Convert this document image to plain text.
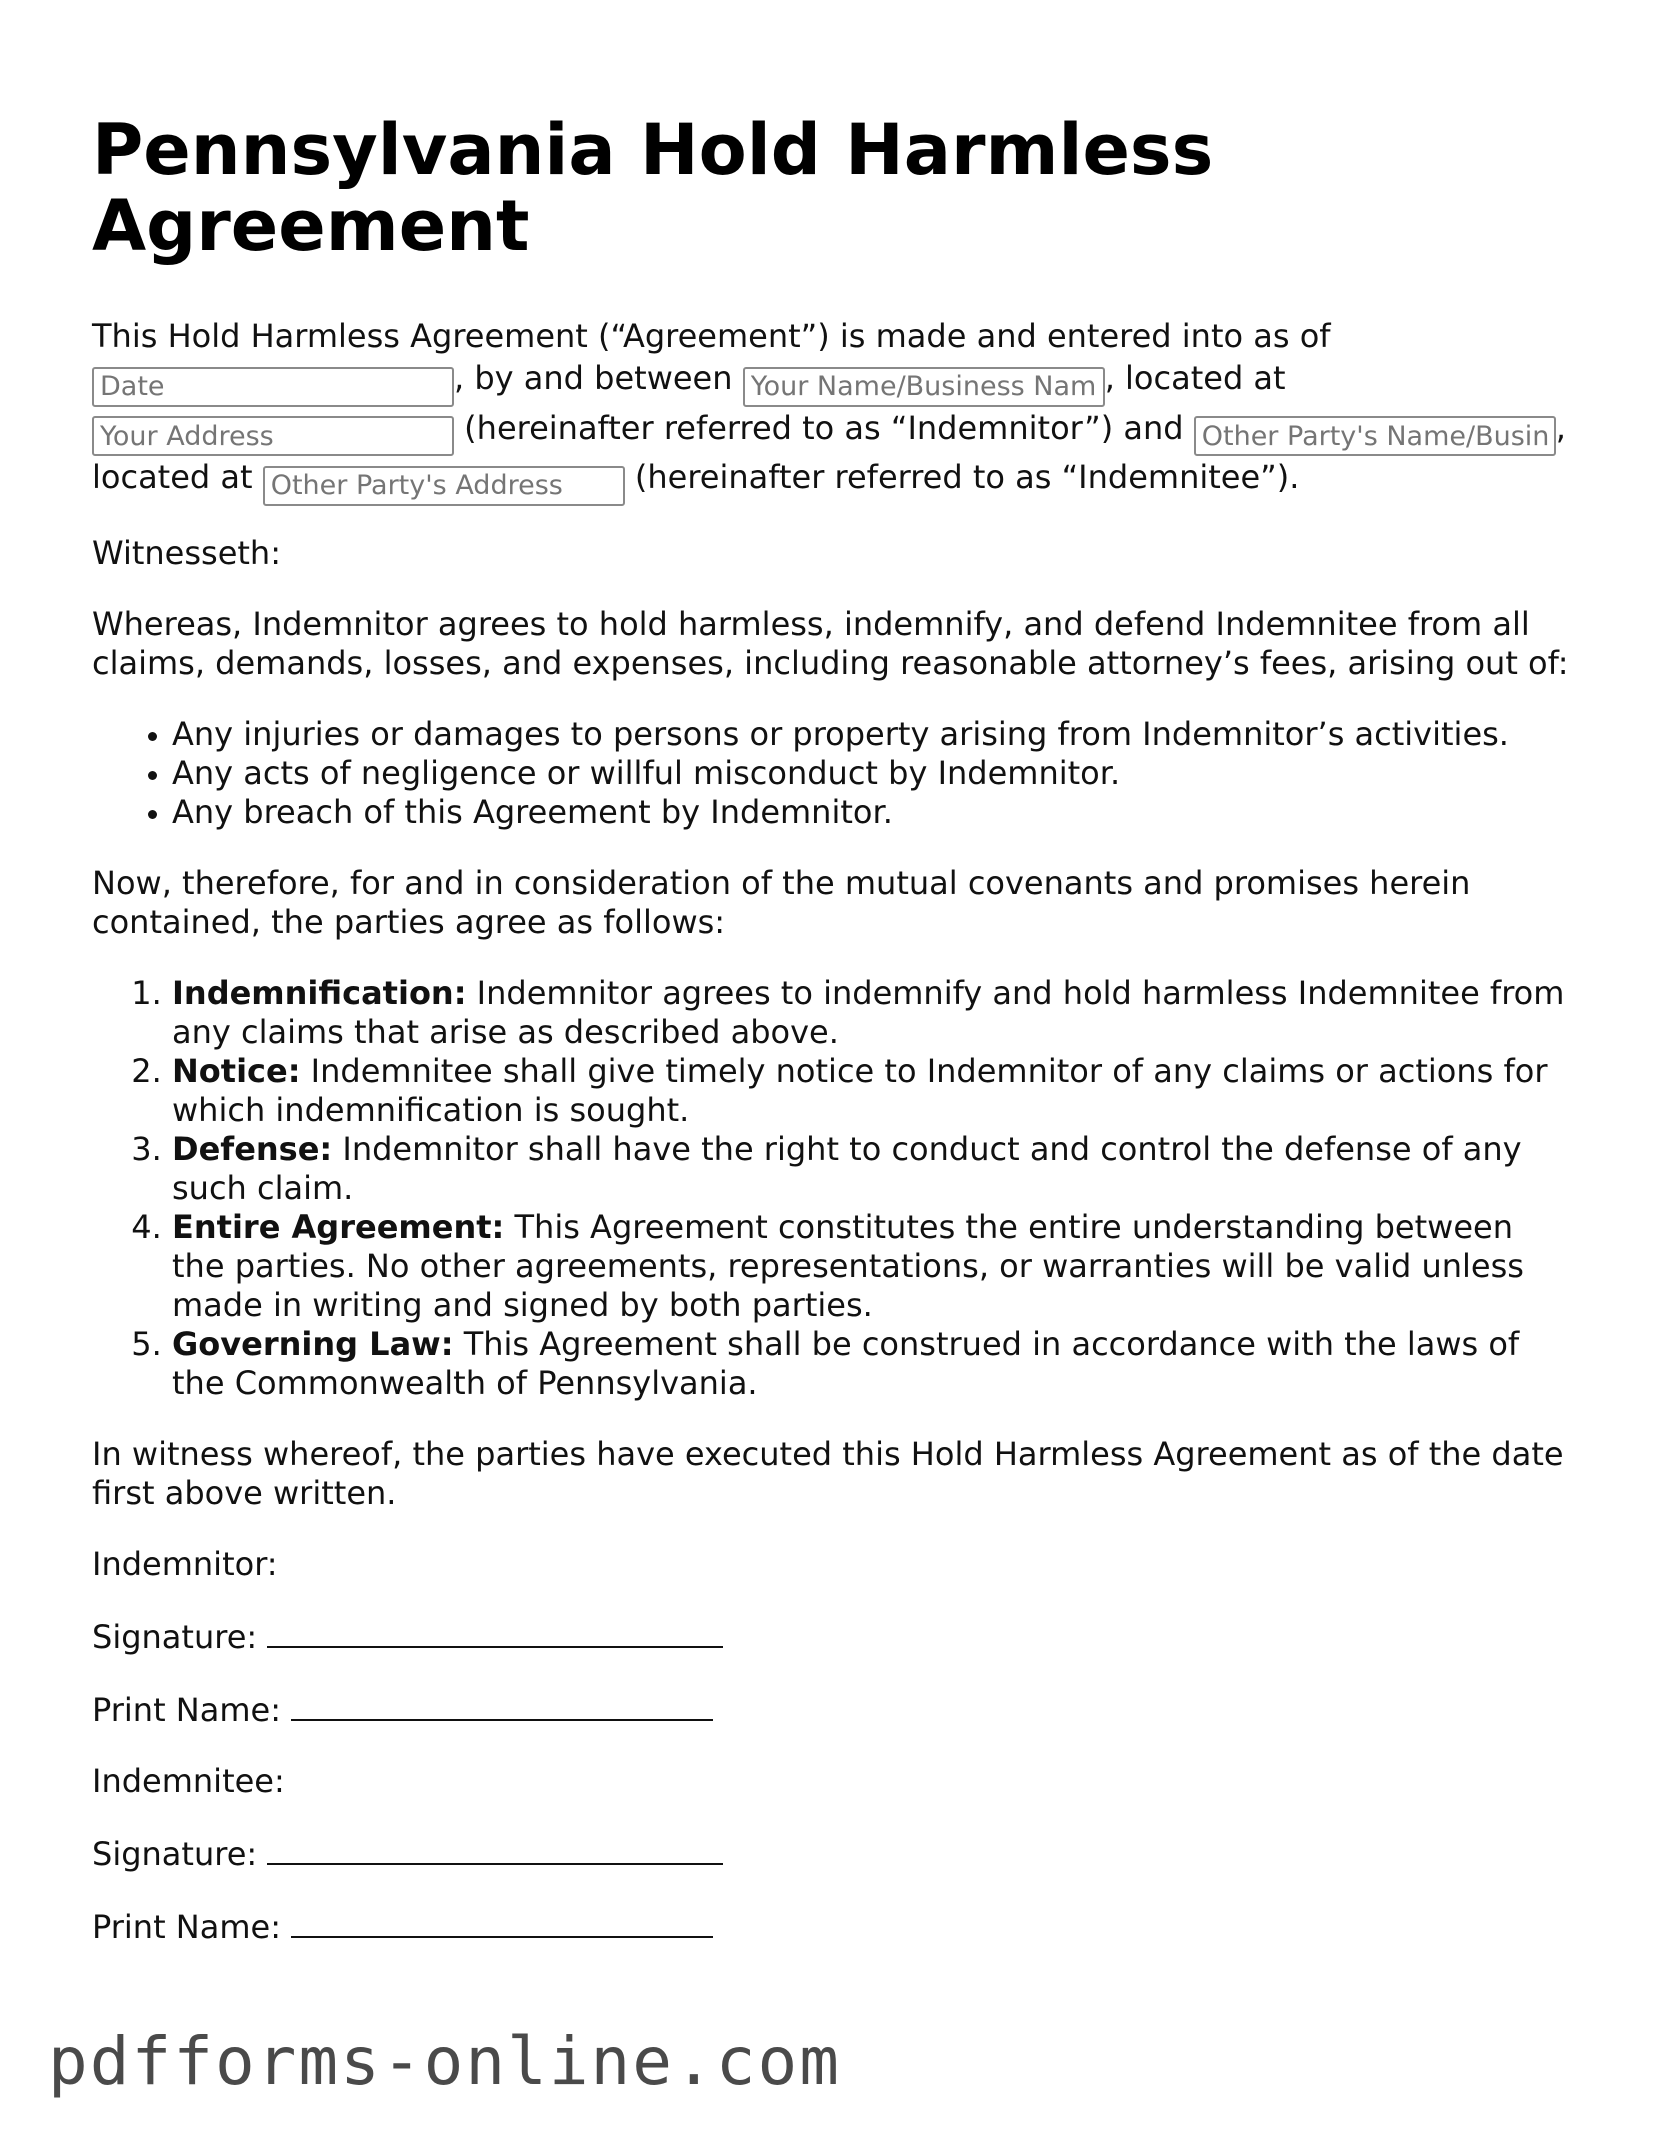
Pennsylvania Hold Harmless Agreement

This Hold Harmless Agreement (“Agreement”) is made and entered into as of Date, by and between Your Name/Business Name	, located at Your Address (hereinafter referred to as “Indemnitor”) and Other Party's Name/Business Name	, located at Other Party's Address	(hereinafter referred to as “Indemnitee”).

Witnesseth:

Whereas, Indemnitor agrees to hold harmless, indemnify, and defend Indemnitee from all claims, demands, losses, and expenses, including reasonable attorney’s fees, arising out of:

• Any injuries or damages to persons or property arising from Indemnitor’s activities.
• Any acts of negligence or willful misconduct by Indemnitor.
• Any breach of this Agreement by Indemnitor.

Now, therefore, for and in consideration of the mutual covenants and promises herein contained, the parties agree as follows:

1. Indemnification: Indemnitor agrees to indemnify and hold harmless Indemnitee from any claims that arise as described above.
2. Notice: Indemnitee shall give timely notice to Indemnitor of any claims or actions for which indemnification is sought.
3. Defense: Indemnitor shall have the right to conduct and control the defense of any such claim.
4. Entire Agreement: This Agreement constitutes the entire understanding between the parties. No other agreements, representations, or warranties will be valid unless made in writing and signed by both parties.
5. Governing Law: This Agreement shall be construed in accordance with the laws of the Commonwealth of Pennsylvania.

In witness whereof, the parties have executed this Hold Harmless Agreement as of the date first above written.

Indemnitor:

Signature:

Print Name:

Indemnitee:

Signature:

Print Name:

pdfforms-online.com
